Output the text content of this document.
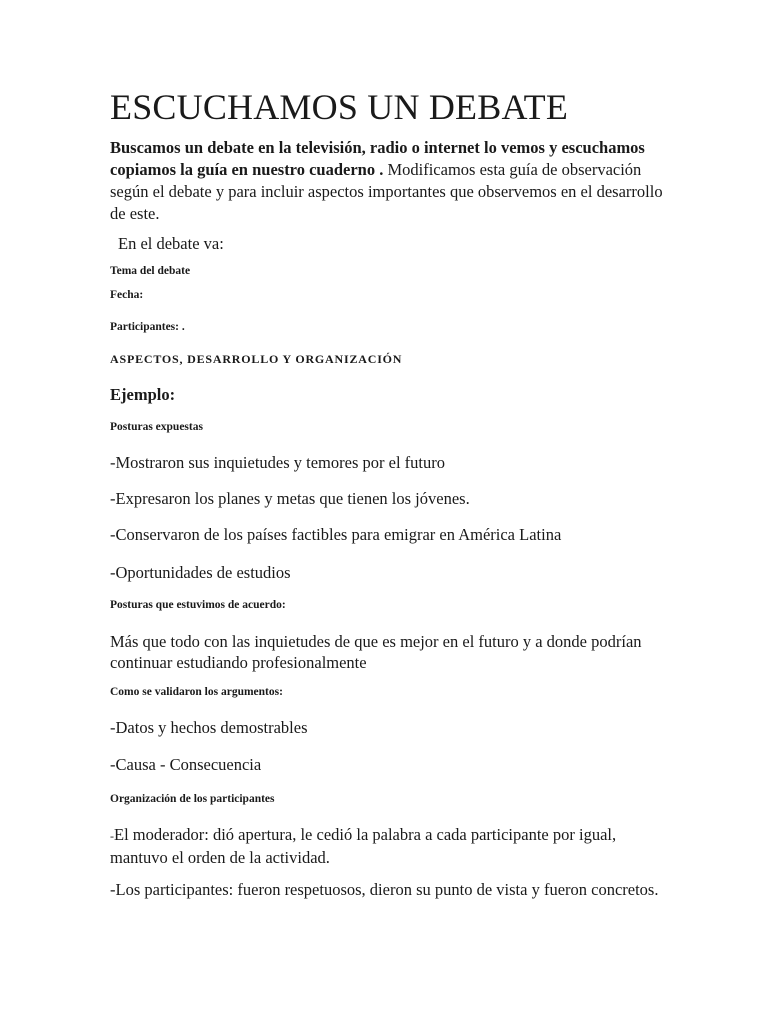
ESCUCHAMOS UN DEBATE
Buscamos un debate en la televisión, radio o internet lo vemos y escuchamos copiamos la guía en nuestro cuaderno . Modificamos esta guía de observación según el debate y para incluir aspectos importantes que observemos en el desarrollo de este.
En el debate va:
Tema del debate
Fecha:
Participantes: .
ASPECTOS, DESARROLLO Y ORGANIZACIÓN
Ejemplo:
Posturas expuestas
-Mostraron sus inquietudes y temores por el futuro
-Expresaron los planes y metas que tienen los jóvenes.
-Conservaron de los países factibles para emigrar en América Latina
-Oportunidades de estudios
Posturas que estuvimos de acuerdo:
Más que todo con las inquietudes de que es mejor en el futuro y a donde podrían continuar estudiando profesionalmente
Como se validaron los argumentos:
-Datos y hechos demostrables
-Causa - Consecuencia
Organización de los participantes
-El moderador: dió apertura, le cedió la palabra a cada participante por igual, mantuvo el orden de la actividad.
-Los participantes: fueron respetuosos, dieron su punto de vista y fueron concretos.
